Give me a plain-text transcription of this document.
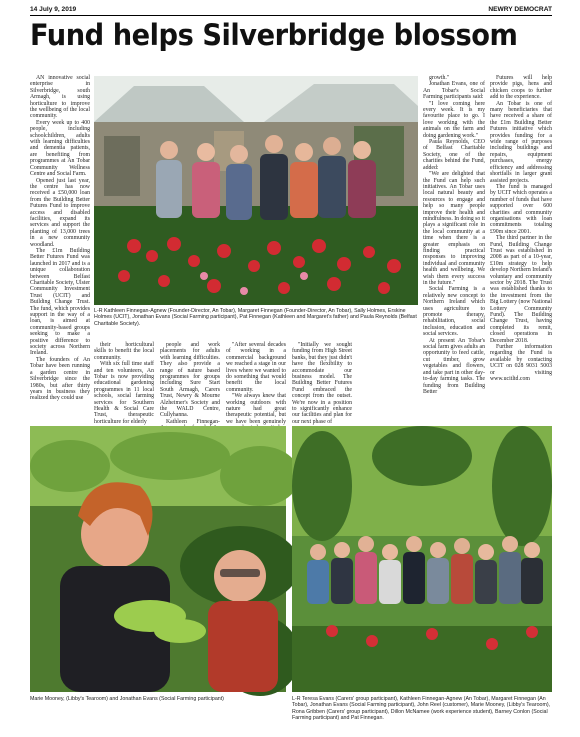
14 July 9, 2019	NEWRY DEMOCRAT
Fund helps Silverbridge blossom

AN innovative social enterprise in Silverbridge, south Armagh, is using horticulture to improve the wellbeing of the local community.

Every week up to 400 people, including schoolchildren, adults with learning difficulties and dementia patients, are benefiting from programmes at An Tobar Community Wellness Centre and Social Farm.

Opened just last year, the centre has now received a £50,000 loan from the Building Better Futures Fund to improve access and disabled facilities, expand its services and support the planting of 13,000 trees in a new community woodland.

The £1m Building Better Futures Fund was launched in 2017 and is a unique collaboration between Belfast Charitable Society, Ulster Community Investment Trust (UCIT) and Building Change Trust. The fund, which provides support in the way of a loan, is aimed at community-based groups seeking to make a positive difference to society across Northern Ireland.

The founders of An Tobar have been running a garden centre in Silverbridge since the 1980s, but after thirty years in business they realized they could use

L-R Kathleen Finnegan-Agnew (Founder-Director, An Tobar), Margaret Finnegan (Founder-Director, An Tobar), Sally Holmes, Erskine Holmes (UCIT), Jonathan Evans (Social Farming participant), Pat Finnegan (Kathleen and Margaret's father) and Paula Reynolds (Belfast Charitable Society).

their horticultural skills to benefit the local community.

With six full time staff and ten volunteers, An Tobar is now providing educational gardening programmes in 11 local schools, social farming services for Southern Health & Social Care Trust, therapeutic horticulture for elderly

people and work placements for adults with learning difficulties. They also provide a range of nature based programmes for groups including Sure Start South Armagh, Carers Trust, Newry & Mourne Alzheimer's Society and the WALD Centre, Cullyhanna.

Kathleen Finnegan-

"After several decades of working in a commercial background we reached a stage in our lives where we wanted to do something that would benefit the local community.

"We always knew that working outdoors with nature had great therapeutic potential, but we have been genuinely

"Initially we sought funding from High Street banks, but they just didn't have the flexibility to accommodate our business model. The Building Better Futures Fund embraced the concept from the outset. We're now in a position to significantly enhance our facilities and plan for our next phase of

growth."

Jonathan Evans, one of An Tobar's Social Farming participants said:

"I love coming here every week. It is my favourite place to go. I love working with the animals on the farm and doing gardening work."

Paula Reynolds, CEO of Belfast Charitable Society, one of the charities behind the Fund, added:

"We are delighted that the Fund can help such initiatives. An Tobar uses local natural beauty and resources to engage and help so many people improve their health and mindfulness. In doing so it plays a significant role in the local community at a time when there is a greater emphasis on finding practical responses to improving individual and community health and wellbeing. We wish them every success in the future."

Social Farming is a relatively new concept to Northern Ireland which uses agriculture to promote therapy, rehabilitation, social inclusion, education and social services.

At present An Tobar's social farm gives adults an opportunity to feed cattle, cut timber, grow vegetables and flowers, and take part in other day-to-day farming tasks. The funding from Building Better

Futures will help provide pigs, hens and chicken coops to further add to the experience.

An Tobar is one of many beneficiaries that have received a share of the £1m Building Better Futures initiative which provides funding for a wide range of purposes including buildings and repairs, equipment purchases, energy efficiency and addressing shortfalls in larger grant assisted projects.

The fund is managed by UCIT which operates a number of funds that have supported over 600 charities and community organisations with loan commitments totaling £90m since 2001.

The third partner in the Fund, Building Change Trust was established in 2008 as part of a 10-year, £10m strategy to help develop Northern Ireland's voluntary and community sector by 2018. The Trust was established thanks to the investment from the Big Lottery (now National Lottery Community Fund). The Building Change Trust, having completed its remit, closed operations in December 2018.

Further information regarding the Fund is available by contacting UCIT on 028 9031 5003 or visiting www.ucitltd.com

Marie Mooney, (Libby's Tearoom) and Jonathan Evans (Social Farming participant)	L-R Teresa Evans (Carers' group participant), Kathleen Finnegan-Agnew (An Tobar), Margaret Finnegan (An Tobar), Jonathan Evans (Social Farming participant), John Reel (customer), Marie Mooney, (Libby's Tearoom), Rona Gribben (Carers' group participant), Dillon McNamee (work experience student), Barney Conlon (Social Farming participant) and Pat Finnegan.
